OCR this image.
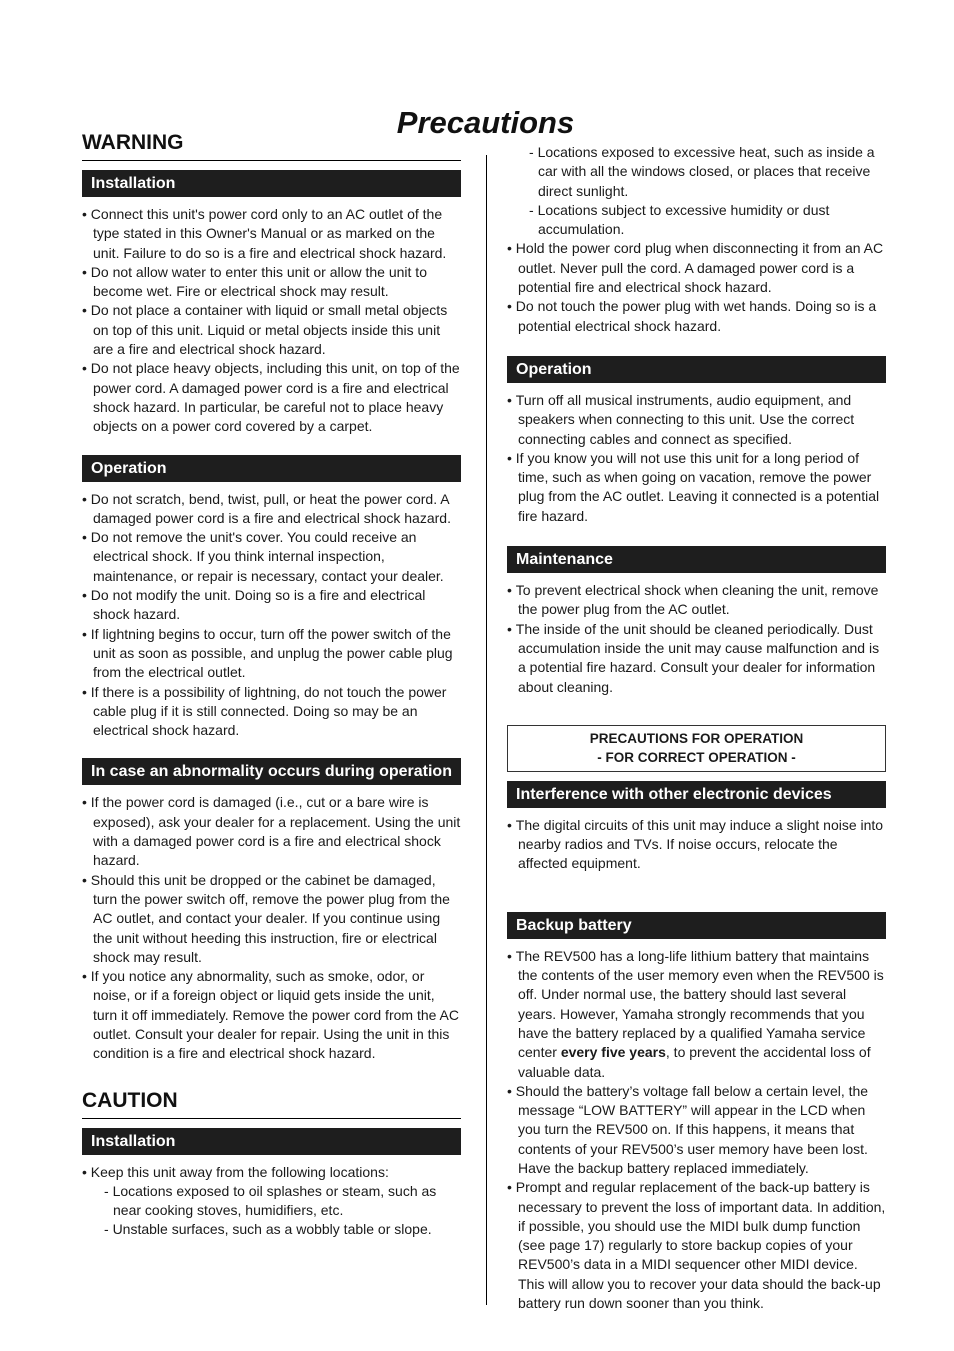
Precautions
WARNING
Installation
• Connect this unit's power cord only to an AC outlet of the type stated in this Owner's Manual or as marked on the unit. Failure to do so is a fire and electrical shock hazard.
• Do not allow water to enter this unit or allow the unit to become wet. Fire or electrical shock may result.
• Do not place a container with liquid or small metal objects on top of this unit. Liquid or metal objects inside this unit are a fire and electrical shock hazard.
• Do not place heavy objects, including this unit, on top of the power cord. A damaged power cord is a fire and electrical shock hazard. In particular, be careful not to place heavy objects on a power cord covered by a carpet.
Operation
• Do not scratch, bend, twist, pull, or heat the power cord. A damaged power cord is a fire and electrical shock hazard.
• Do not remove the unit's cover. You could receive an electrical shock. If you think internal inspection, maintenance, or repair is necessary, contact your dealer.
• Do not modify the unit. Doing so is a fire and electrical shock hazard.
• If lightning begins to occur, turn off the power switch of the unit as soon as possible, and unplug the power cable plug from the electrical outlet.
• If there is a possibility of lightning, do not touch the power cable plug if it is still connected. Doing so may be an electrical shock hazard.
In case an abnormality occurs during operation
• If the power cord is damaged (i.e., cut or a bare wire is exposed), ask your dealer for a replacement. Using the unit with a damaged power cord is a fire and electrical shock hazard.
• Should this unit be dropped or the cabinet be damaged, turn the power switch off, remove the power plug from the AC outlet, and contact your dealer. If you continue using the unit without heeding this instruction, fire or electrical shock may result.
• If you notice any abnormality, such as smoke, odor, or noise, or if a foreign object or liquid gets inside the unit, turn it off immediately. Remove the power cord from the AC outlet. Consult your dealer for repair. Using the unit in this condition is a fire and electrical shock hazard.
CAUTION
Installation
• Keep this unit away from the following locations:
- Locations exposed to oil splashes or steam, such as near cooking stoves, humidifiers, etc.
- Unstable surfaces, such as a wobbly table or slope.
- Locations exposed to excessive heat, such as inside a car with all the windows closed, or places that receive direct sunlight.
- Locations subject to excessive humidity or dust accumulation.
• Hold the power cord plug when disconnecting it from an AC outlet. Never pull the cord. A damaged power cord is a potential fire and electrical shock hazard.
• Do not touch the power plug with wet hands. Doing so is a potential electrical shock hazard.
Operation
• Turn off all musical instruments, audio equipment, and speakers when connecting to this unit. Use the correct connecting cables and connect as specified.
• If you know you will not use this unit for a long period of time, such as when going on vacation, remove the power plug from the AC outlet. Leaving it connected is a potential fire hazard.
Maintenance
• To prevent electrical shock when cleaning the unit, remove the power plug from the AC outlet.
• The inside of the unit should be cleaned periodically. Dust accumulation inside the unit may cause malfunction and is a potential fire hazard. Consult your dealer for information about cleaning.
PRECAUTIONS FOR OPERATION
- FOR CORRECT OPERATION -
Interference with other electronic devices
• The digital circuits of this unit may induce a slight noise into nearby radios and TVs. If noise occurs, relocate the affected equipment.
Backup battery
• The REV500 has a long-life lithium battery that maintains the contents of the user memory even when the REV500 is off. Under normal use, the battery should last several years. However, Yamaha strongly recommends that you have the battery replaced by a qualified Yamaha service center every five years, to prevent the accidental loss of valuable data.
• Should the battery’s voltage fall below a certain level, the message “LOW BATTERY” will appear in the LCD when you turn the REV500 on. If this happens, it means that contents of your REV500’s user memory have been lost. Have the backup battery replaced immediately.
• Prompt and regular replacement of the back-up battery is necessary to prevent the loss of important data. In addition, if possible, you should use the MIDI bulk dump function (see page 17) regularly to store backup copies of your REV500’s data in a MIDI sequencer other MIDI device. This will allow you to recover your data should the back-up battery run down sooner than you think.
